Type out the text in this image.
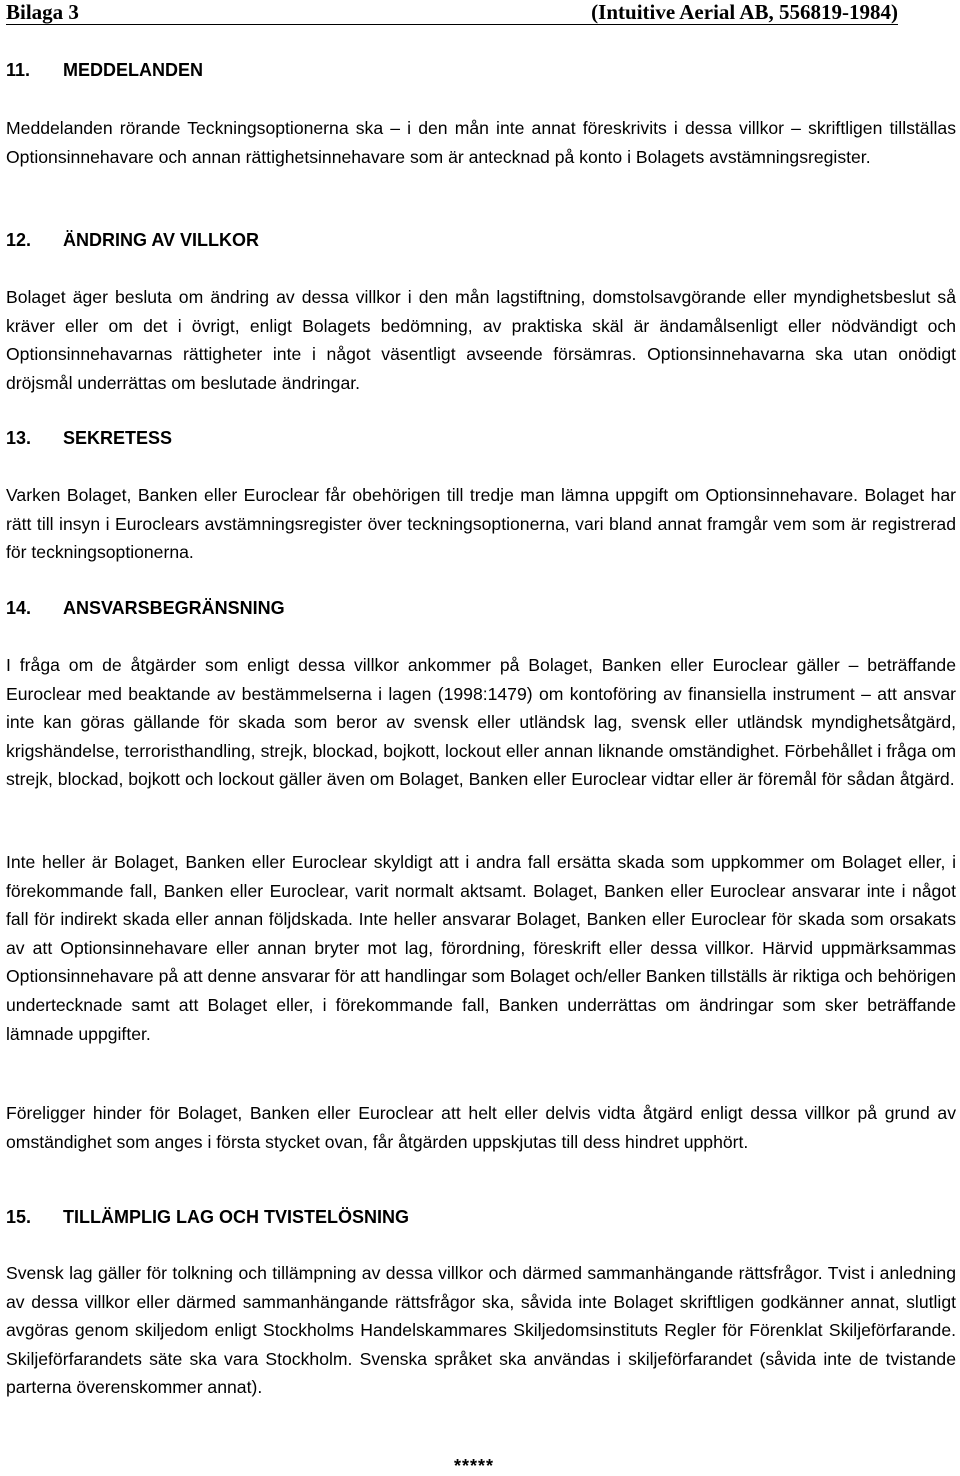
Bilaga 3	(Intuitive Aerial AB, 556819-1984)
11. MEDDELANDEN
Meddelanden rörande Teckningsoptionerna ska – i den mån inte annat föreskrivits i dessa villkor – skriftligen tillställas Optionsinnehavare och annan rättighetsinnehavare som är antecknad på konto i Bolagets avstämningsregister.
12. ÄNDRING AV VILLKOR
Bolaget äger besluta om ändring av dessa villkor i den mån lagstiftning, domstolsavgörande eller myndighetsbeslut så kräver eller om det i övrigt, enligt Bolagets bedömning, av praktiska skäl är ändamålsenligt eller nödvändigt och Optionsinnehavarnas rättigheter inte i något väsentligt avseende försämras. Optionsinnehavarna ska utan onödigt dröjsmål underrättas om beslutade ändringar.
13. SEKRETESS
Varken Bolaget, Banken eller Euroclear får obehörigen till tredje man lämna uppgift om Optionsinnehavare. Bolaget har rätt till insyn i Euroclears avstämningsregister över teckningsoptionerna, vari bland annat framgår vem som är registrerad för teckningsoptionerna.
14. ANSVARSBEGRÄNSNING
I fråga om de åtgärder som enligt dessa villkor ankommer på Bolaget, Banken eller Euroclear gäller – beträffande Euroclear med beaktande av bestämmelserna i lagen (1998:1479) om kontoföring av finansiella instrument – att ansvar inte kan göras gällande för skada som beror av svensk eller utländsk lag, svensk eller utländsk myndighetsåtgärd, krigshändelse, terroristhandling, strejk, blockad, bojkott, lockout eller annan liknande omständighet. Förbehållet i fråga om strejk, blockad, bojkott och lockout gäller även om Bolaget, Banken eller Euroclear vidtar eller är föremål för sådan åtgärd.
Inte heller är Bolaget, Banken eller Euroclear skyldigt att i andra fall ersätta skada som uppkommer om Bolaget eller, i förekommande fall, Banken eller Euroclear, varit normalt aktsamt. Bolaget, Banken eller Euroclear ansvarar inte i något fall för indirekt skada eller annan följdskada. Inte heller ansvarar Bolaget, Banken eller Euroclear för skada som orsakats av att Optionsinnehavare eller annan bryter mot lag, förordning, föreskrift eller dessa villkor. Härvid uppmärksammas Optionsinnehavare på att denne ansvarar för att handlingar som Bolaget och/eller Banken tillställs är riktiga och behörigen undertecknade samt att Bolaget eller, i förekommande fall, Banken underrättas om ändringar som sker beträffande lämnade uppgifter.
Föreligger hinder för Bolaget, Banken eller Euroclear att helt eller delvis vidta åtgärd enligt dessa villkor på grund av omständighet som anges i första stycket ovan, får åtgärden uppskjutas till dess hindret upphört.
15. TILLÄMPLIG LAG OCH TVISTELÖSNING
Svensk lag gäller för tolkning och tillämpning av dessa villkor och därmed sammanhängande rättsfrågor. Tvist i anledning av dessa villkor eller därmed sammanhängande rättsfrågor ska, såvida inte Bolaget skriftligen godkänner annat, slutligt avgöras genom skiljedom enligt Stockholms Handelskammares Skiljedomsinstituts Regler för Förenklat Skiljeförfarande. Skiljeförfarandets säte ska vara Stockholm. Svenska språket ska användas i skiljeförfarandet (såvida inte de tvistande parterna överenskommer annat).
*****
